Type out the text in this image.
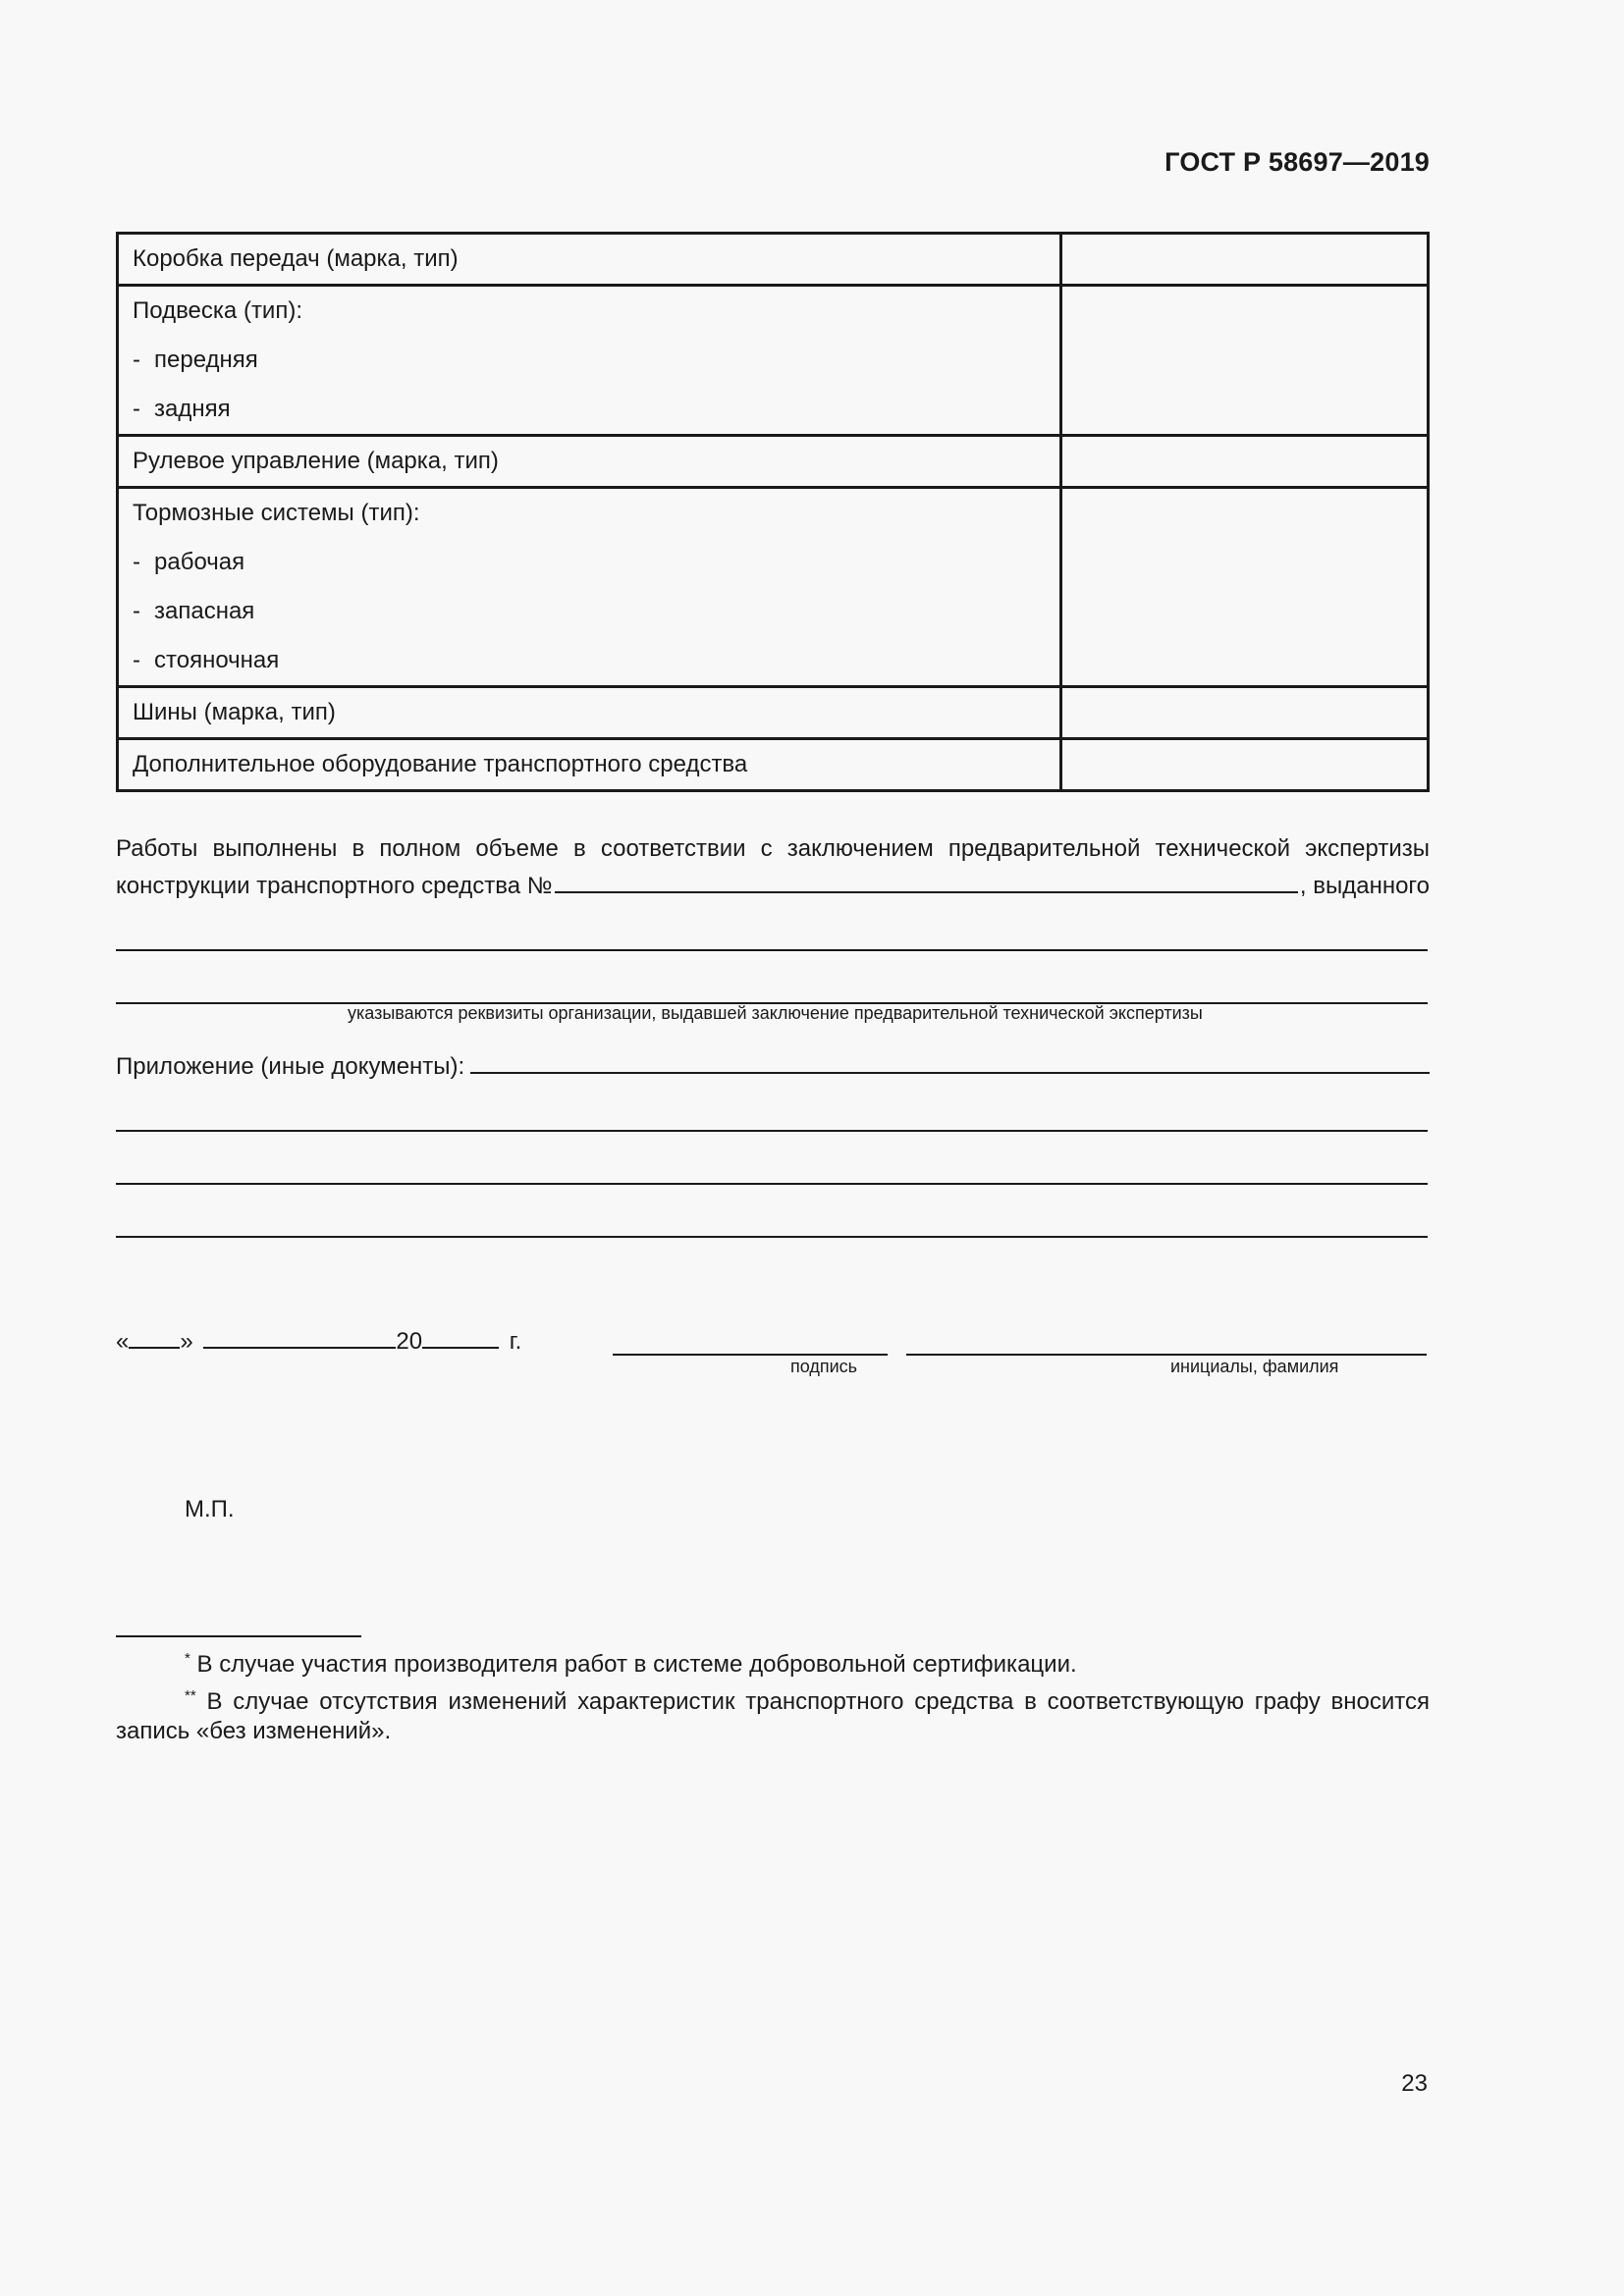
ГОСТ Р 58697—2019
Коробка передач (марка, тип)	

Подвеска (тип):
- передняя
- задняя	

Рулевое управление (марка, тип)	

Тормозные системы (тип):
- рабочая
- запасная
- стояночная	

Шины (марка, тип)	

Дополнительное оборудование транспортного средства	

Работы выполнены в полном объеме в соответствии с заключением предварительной технической экспертизы
конструкции транспортного средства №	, выданного
указываются реквизиты организации, выдавшей заключение предварительной технической экспертизы
Приложение (иные документы):
« »	20	г.
подпись	инициалы, фамилия
М.П.
* В случае участия производителя работ в системе добровольной сертификации.
** В случае отсутствия изменений характеристик транспортного средства в соответствующую графу вносится
запись «без изменений».
23
